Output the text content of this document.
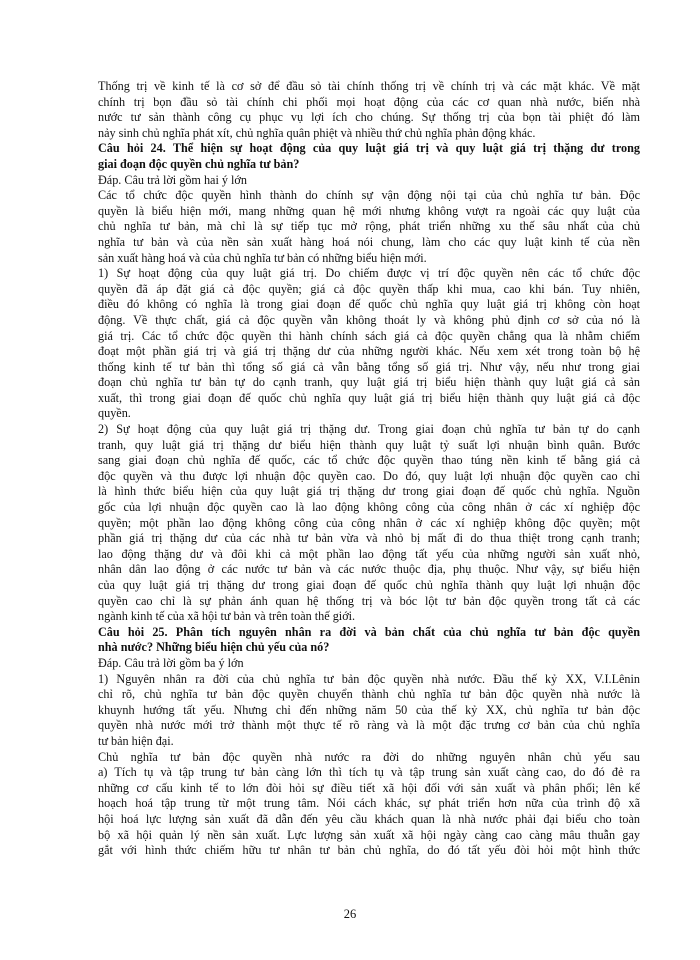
Thống trị về kinh tế là cơ sở để đầu sỏ tài chính thống trị về chính trị và các mặt khác. Về mặt
chính trị bọn đầu sỏ tài chính chi phối mọi hoạt động của các cơ quan nhà nước, biến nhà
nước tư sản thành công cụ phục vụ lợi ích cho chúng. Sự thống trị của bọn tài phiệt đó làm
nảy sinh chủ nghĩa phát xít, chủ nghĩa quân phiệt và nhiều thứ chủ nghĩa phản động khác.
Câu hỏi 24. Thể hiện sự hoạt động của quy luật giá trị và quy luật giá trị thặng dư trong
giai đoạn độc quyền chủ nghĩa tư bản?
Đáp. Câu trả lời gồm hai ý lớn
Các tổ chức độc quyền hình thành do chính sự vận động nội tại của chủ nghĩa tư bản. Độc
quyền là biểu hiện mới, mang những quan hệ mới nhưng không vượt ra ngoài các quy luật của
chủ nghĩa tư bản, mà chỉ là sự tiếp tục mở rộng, phát triển những xu thế sâu nhất của chủ
nghĩa tư bản và của nền sản xuất hàng hoá nói chung, làm cho các quy luật kinh tế của nền
sản xuất hàng hoá và của chủ nghĩa tư bản có những biểu hiện mới.
1) Sự hoạt động của quy luật giá trị. Do chiếm được vị trí độc quyền nên các tổ chức độc
quyền đã áp đặt giá cả độc quyền; giá cả độc quyền thấp khi mua, cao khi bán. Tuy nhiên,
điều đó không có nghĩa là trong giai đoạn đế quốc chủ nghĩa quy luật giá trị không còn hoạt
động. Về thực chất, giá cả độc quyền vẫn không thoát ly và không phủ định cơ sở của nó là
giá trị. Các tổ chức độc quyền thi hành chính sách giá cả độc quyền chẳng qua là nhằm chiếm
đoạt một phần giá trị và giá trị thặng dư của những người khác. Nếu xem xét trong toàn bộ hệ
thống kinh tế tư bản thì tổng số giá cả vẫn bằng tổng số giá trị. Như vậy, nếu như trong giai
đoạn chủ nghĩa tư bản tự do cạnh tranh, quy luật giá trị biểu hiện thành quy luật giá cả sản
xuất, thì trong giai đoạn đế quốc chủ nghĩa quy luật giá trị biểu hiện thành quy luật giá cả độc
quyền.
2) Sự hoạt động của quy luật giá trị thặng dư. Trong giai đoạn chủ nghĩa tư bản tự do cạnh
tranh, quy luật giá trị thặng dư biểu hiện thành quy luật tỷ suất lợi nhuận bình quân. Bước
sang giai đoạn chủ nghĩa đế quốc, các tổ chức độc quyền thao túng nền kinh tế bằng giá cả
độc quyền và thu được lợi nhuận độc quyền cao. Do đó, quy luật lợi nhuận độc quyền cao chỉ
là hình thức biểu hiện của quy luật giá trị thặng dư trong giai đoạn đế quốc chủ nghĩa. Nguồn
gốc của lợi nhuận độc quyền cao là lao động không công của công nhân ở các xí nghiệp độc
quyền; một phần lao động không công của công nhân ở các xí nghiệp không độc quyền; một
phần giá trị thặng dư của các nhà tư bản vừa và nhỏ bị mất đi do thua thiệt trong cạnh tranh;
lao động thặng dư và đôi khi cả một phần lao động tất yếu của những người sản xuất nhỏ,
nhân dân lao động ở các nước tư bản và các nước thuộc địa, phụ thuộc. Như vậy, sự biểu hiện
của quy luật giá trị thặng dư trong giai đoạn đế quốc chủ nghĩa thành quy luật lợi nhuận độc
quyền cao chỉ là sự phản ánh quan hệ thống trị và bóc lột tư bản độc quyền trong tất cả các
ngành kinh tế của xã hội tư bản và trên toàn thế giới.
Câu hỏi 25. Phân tích nguyên nhân ra đời và bản chất của chủ nghĩa tư bản độc quyền
nhà nước? Những biểu hiện chủ yếu của nó?
Đáp. Câu trả lời gồm ba ý lớn
1) Nguyên nhân ra đời của chủ nghĩa tư bản độc quyền nhà nước. Đầu thế kỷ XX, V.I.Lênin
chỉ rõ, chủ nghĩa tư bản độc quyền chuyển thành chủ nghĩa tư bản độc quyền nhà nước là
khuynh hướng tất yếu. Nhưng chỉ đến những năm 50 của thế kỷ XX, chủ nghĩa tư bản độc
quyền nhà nước mới trở thành một thực tế rõ ràng và là một đặc trưng cơ bản của chủ nghĩa
tư bản hiện đại.
Chủ nghĩa tư bản độc quyền nhà nước ra đời do những nguyên nhân chủ yếu sau
a) Tích tụ và tập trung tư bản càng lớn thì tích tụ và tập trung sản xuất càng cao, do đó đẻ ra
những cơ cấu kinh tế to lớn đòi hỏi sự điều tiết xã hội đối với sản xuất và phân phối; lên kế
hoạch hoá tập trung từ một trung tâm. Nói cách khác, sự phát triển hơn nữa của trình độ xã
hội hoá lực lượng sản xuất đã dẫn đến yêu cầu khách quan là nhà nước phải đại biểu cho toàn
bộ xã hội quản lý nền sản xuất. Lực lượng sản xuất xã hội ngày càng cao càng mâu thuẫn gay
gắt với hình thức chiếm hữu tư nhân tư bản chủ nghĩa, do đó tất yếu đòi hỏi một hình thức
26
